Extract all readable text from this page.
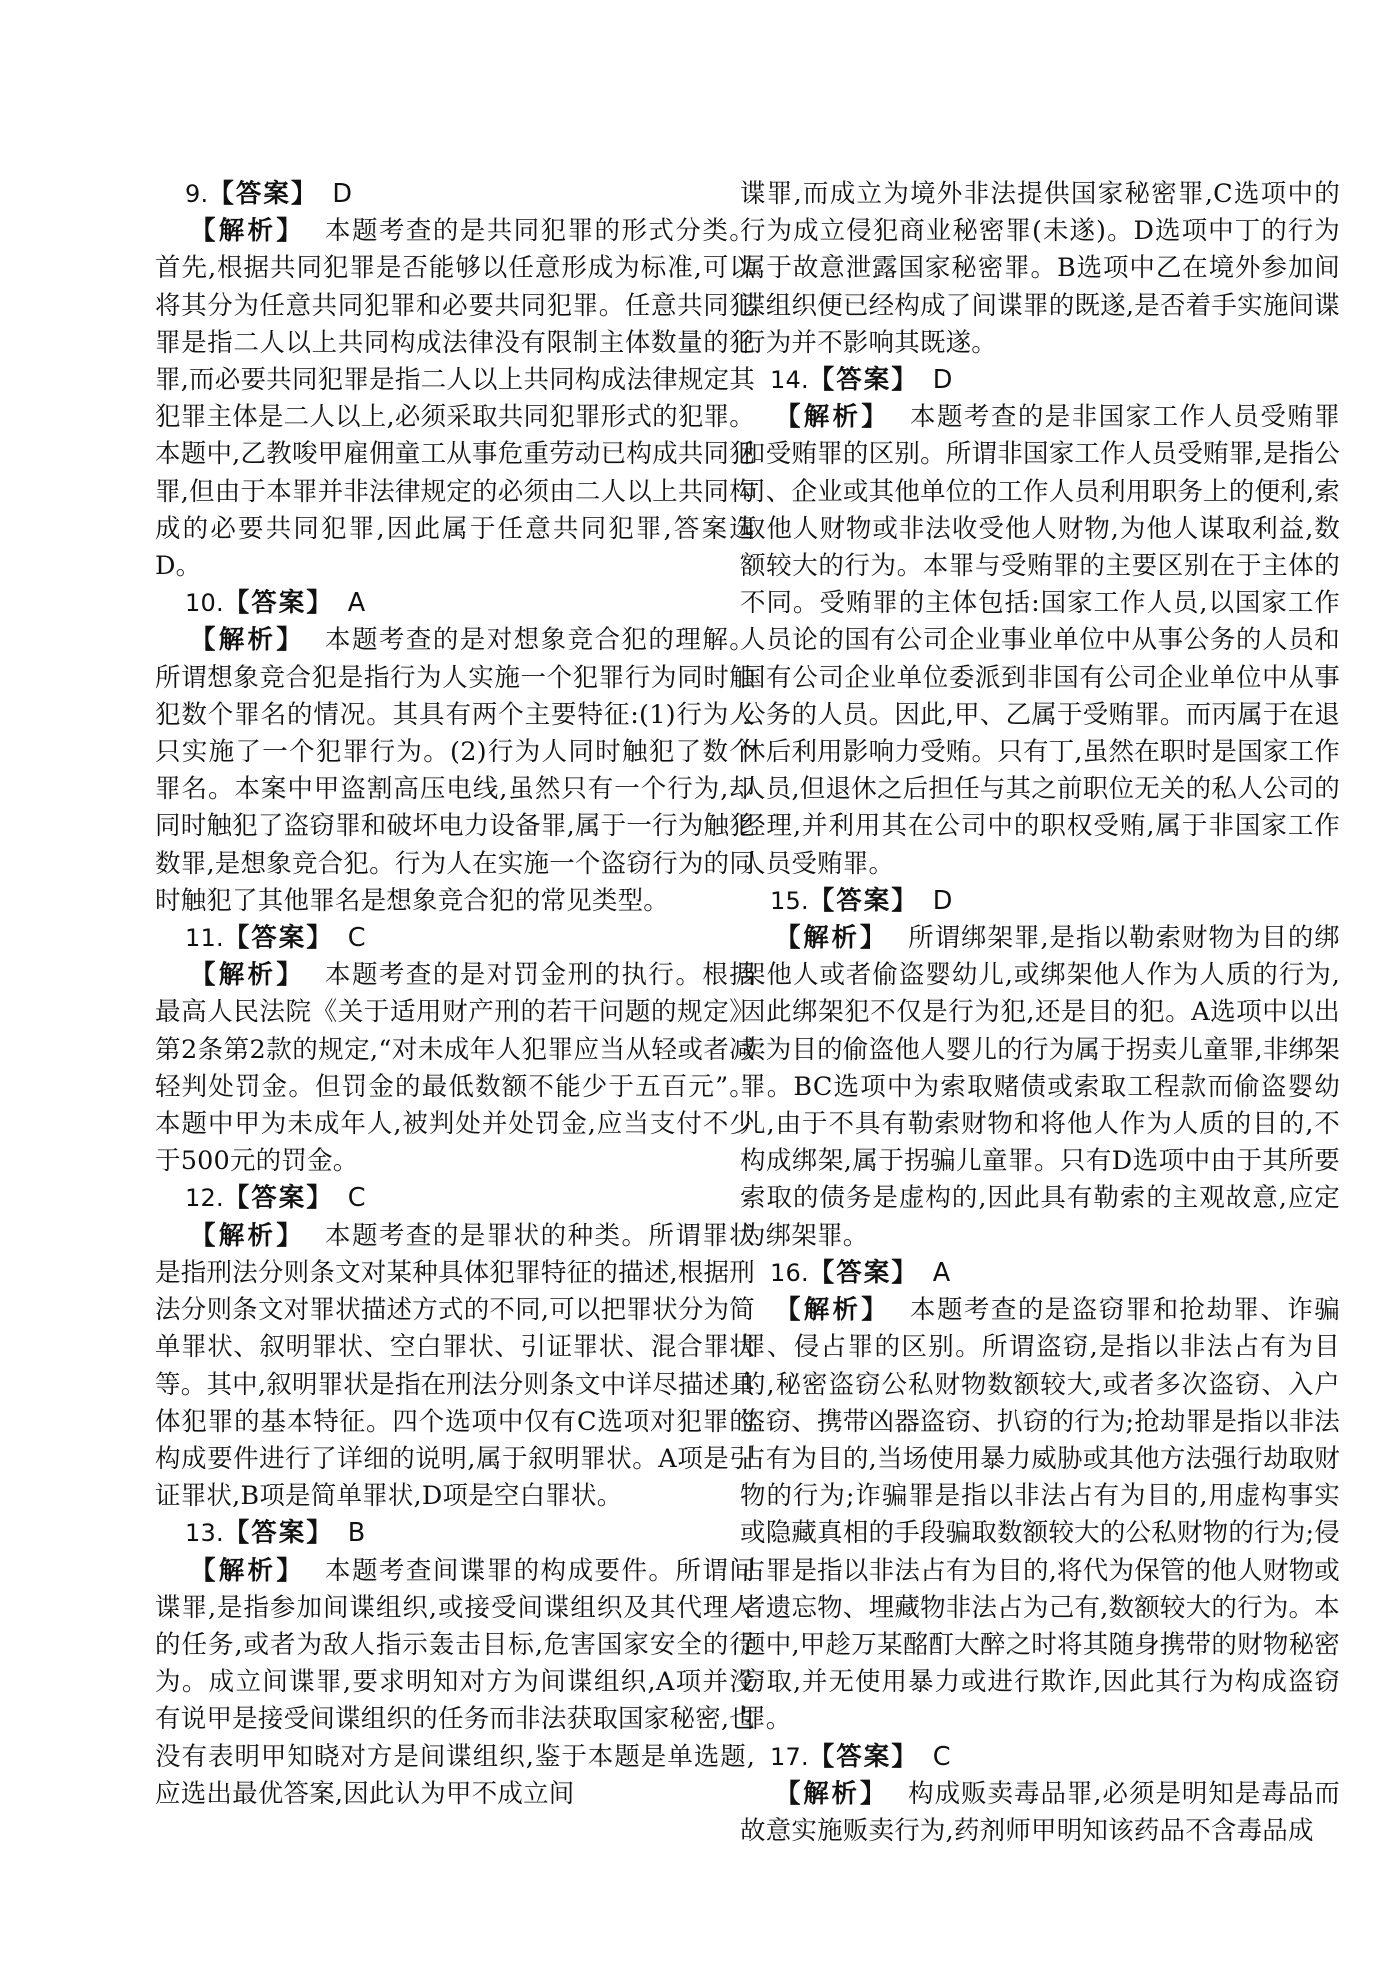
9.【答案】 D

【解析】 本题考查的是共同犯罪的形式分类。首先,根据共同犯罪是否能够以任意形成为标准,可以将其分为任意共同犯罪和必要共同犯罪。任意共同犯罪是指二人以上共同构成法律没有限制主体数量的犯罪,而必要共同犯罪是指二人以上共同构成法律规定其犯罪主体是二人以上,必须采取共同犯罪形式的犯罪。本题中,乙教唆甲雇佣童工从事危重劳动已构成共同犯罪,但由于本罪并非法律规定的必须由二人以上共同构成的必要共同犯罪,因此属于任意共同犯罪,答案选D。

10.【答案】 A

【解析】 本题考查的是对想象竞合犯的理解。所谓想象竞合犯是指行为人实施一个犯罪行为同时触犯数个罪名的情况。其具有两个主要特征:(1)行为人只实施了一个犯罪行为。(2)行为人同时触犯了数个罪名。本案中甲盗割高压电线,虽然只有一个行为,却同时触犯了盗窃罪和破坏电力设备罪,属于一行为触犯数罪,是想象竞合犯。行为人在实施一个盗窃行为的同时触犯了其他罪名是想象竞合犯的常见类型。

11.【答案】 C

【解析】 本题考查的是对罚金刑的执行。根据最高人民法院《关于适用财产刑的若干问题的规定》第2条第2款的规定,“对未成年人犯罪应当从轻或者减轻判处罚金。但罚金的最低数额不能少于五百元”。本题中甲为未成年人,被判处并处罚金,应当支付不少于500元的罚金。

12.【答案】 C

【解析】 本题考查的是罪状的种类。所谓罪状是指刑法分则条文对某种具体犯罪特征的描述,根据刑法分则条文对罪状描述方式的不同,可以把罪状分为简单罪状、叙明罪状、空白罪状、引证罪状、混合罪状等。其中,叙明罪状是指在刑法分则条文中详尽描述具体犯罪的基本特征。四个选项中仅有C选项对犯罪的构成要件进行了详细的说明,属于叙明罪状。A项是引证罪状,B项是简单罪状,D项是空白罪状。

13.【答案】 B

【解析】 本题考查间谍罪的构成要件。所谓间谍罪,是指参加间谍组织,或接受间谍组织及其代理人的任务,或者为敌人指示轰击目标,危害国家安全的行为。成立间谍罪,要求明知对方为间谍组织,A项并没有说甲是接受间谍组织的任务而非法获取国家秘密,也没有表明甲知晓对方是间谍组织,鉴于本题是单选题,应选出最优答案,因此认为甲不成立间

谍罪,而成立为境外非法提供国家秘密罪,C选项中的行为成立侵犯商业秘密罪(未遂)。D选项中丁的行为属于故意泄露国家秘密罪。B选项中乙在境外参加间谍组织便已经构成了间谍罪的既遂,是否着手实施间谍行为并不影响其既遂。

14.【答案】 D

【解析】 本题考查的是非国家工作人员受贿罪和受贿罪的区别。所谓非国家工作人员受贿罪,是指公司、企业或其他单位的工作人员利用职务上的便利,索取他人财物或非法收受他人财物,为他人谋取利益,数额较大的行为。本罪与受贿罪的主要区别在于主体的不同。受贿罪的主体包括:国家工作人员,以国家工作人员论的国有公司企业事业单位中从事公务的人员和国有公司企业单位委派到非国有公司企业单位中从事公务的人员。因此,甲、乙属于受贿罪。而丙属于在退休后利用影响力受贿。只有丁,虽然在职时是国家工作人员,但退休之后担任与其之前职位无关的私人公司的经理,并利用其在公司中的职权受贿,属于非国家工作人员受贿罪。

15.【答案】 D

【解析】 所谓绑架罪,是指以勒索财物为目的绑架他人或者偷盗婴幼儿,或绑架他人作为人质的行为,因此绑架犯不仅是行为犯,还是目的犯。A选项中以出卖为目的偷盗他人婴儿的行为属于拐卖儿童罪,非绑架罪。BC选项中为索取赌债或索取工程款而偷盗婴幼儿,由于不具有勒索财物和将他人作为人质的目的,不构成绑架,属于拐骗儿童罪。只有D选项中由于其所要索取的债务是虚构的,因此具有勒索的主观故意,应定为绑架罪。

16.【答案】 A

【解析】 本题考查的是盗窃罪和抢劫罪、诈骗罪、侵占罪的区别。所谓盗窃,是指以非法占有为目的,秘密盗窃公私财物数额较大,或者多次盗窃、入户盗窃、携带凶器盗窃、扒窃的行为;抢劫罪是指以非法占有为目的,当场使用暴力威胁或其他方法强行劫取财物的行为;诈骗罪是指以非法占有为目的,用虚构事实或隐藏真相的手段骗取数额较大的公私财物的行为;侵占罪是指以非法占有为目的,将代为保管的他人财物或者遗忘物、埋藏物非法占为己有,数额较大的行为。本题中,甲趁万某酩酊大醉之时将其随身携带的财物秘密窃取,并无使用暴力或进行欺诈,因此其行为构成盗窃罪。

17.【答案】 C

【解析】 构成贩卖毒品罪,必须是明知是毒品而故意实施贩卖行为,药剂师甲明知该药品不含毒品成
